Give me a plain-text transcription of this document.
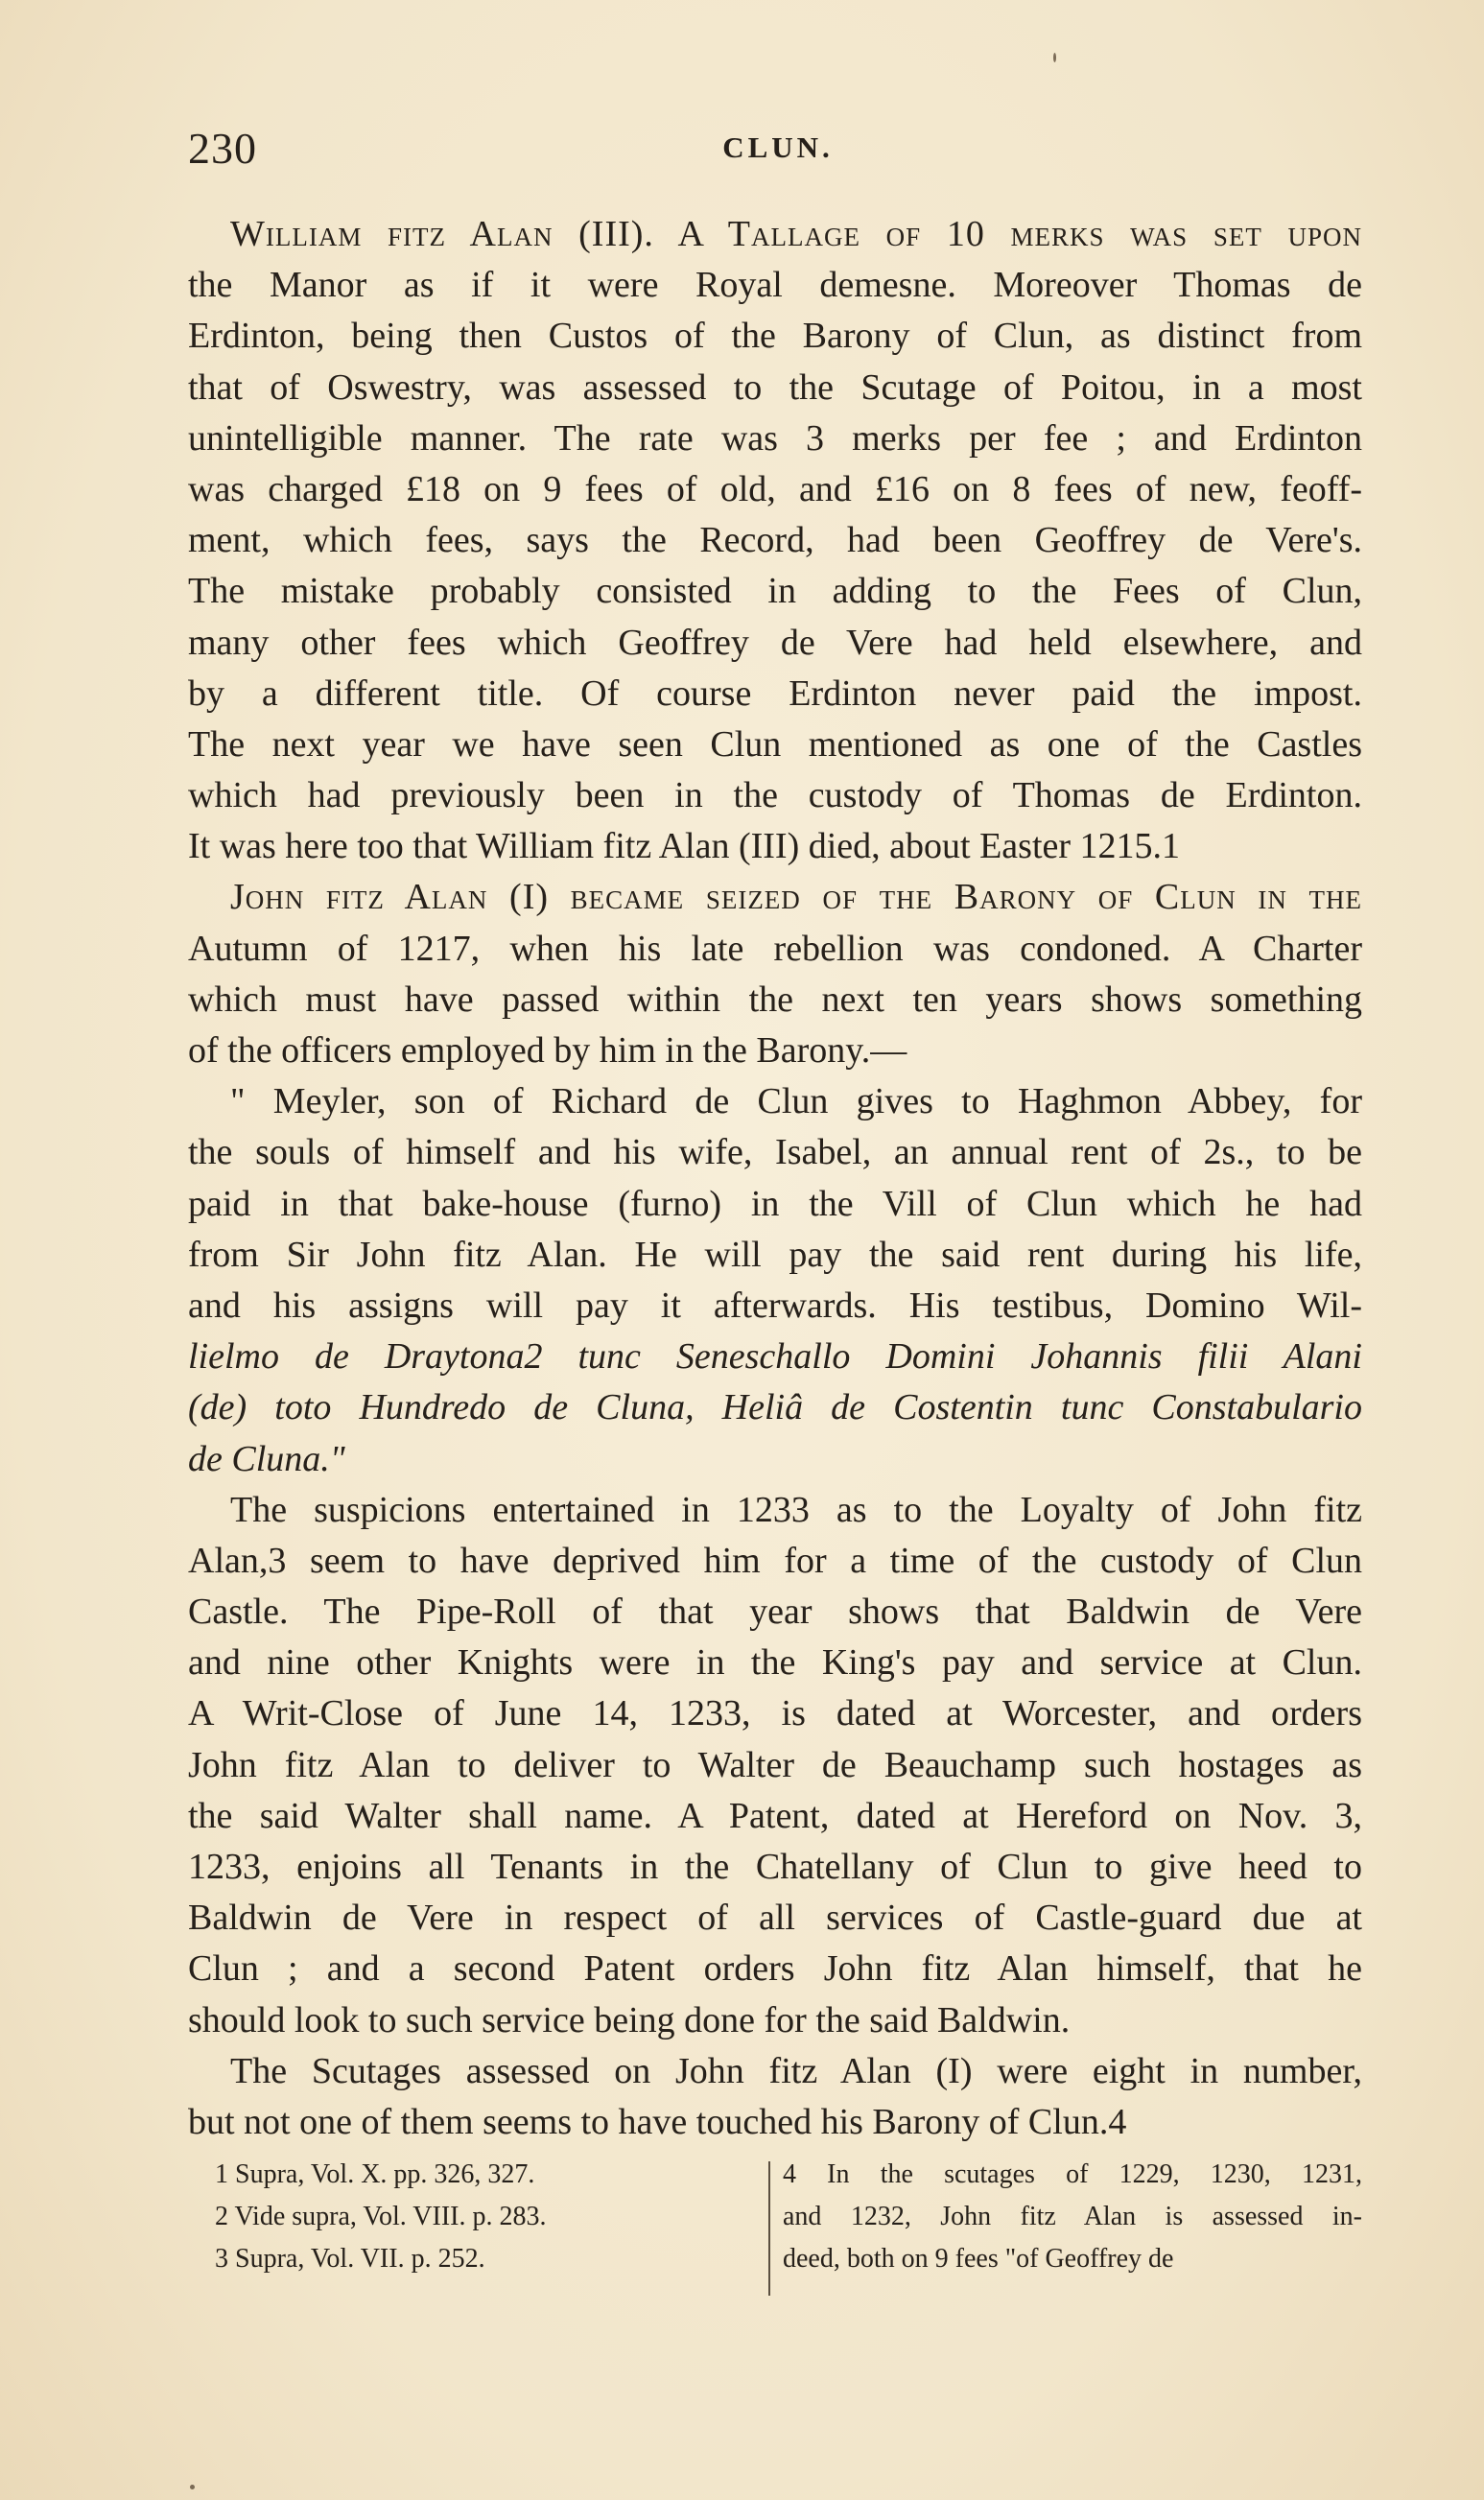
230	CLUN.
William fitz Alan (III). A Tallage of 10 merks was set upon
the Manor as if it were Royal demesne. Moreover Thomas de
Erdinton, being then Custos of the Barony of Clun, as distinct from
that of Oswestry, was assessed to the Scutage of Poitou, in a most
unintelligible manner. The rate was 3 merks per fee ; and Erdinton
was charged £18 on 9 fees of old, and £16 on 8 fees of new, feoff-
ment, which fees, says the Record, had been Geoffrey de Vere's.
The mistake probably consisted in adding to the Fees of Clun,
many other fees which Geoffrey de Vere had held elsewhere, and
by a different title. Of course Erdinton never paid the impost.
The next year we have seen Clun mentioned as one of the Castles
which had previously been in the custody of Thomas de Erdinton.
It was here too that William fitz Alan (III) died, about Easter 1215.1
John fitz Alan (I) became seized of the Barony of Clun in the
Autumn of 1217, when his late rebellion was condoned. A Charter
which must have passed within the next ten years shows something
of the officers employed by him in the Barony.—
" Meyler, son of Richard de Clun gives to Haghmon Abbey, for
the souls of himself and his wife, Isabel, an annual rent of 2s., to be
paid in that bake-house (furno) in the Vill of Clun which he had
from Sir John fitz Alan. He will pay the said rent during his life,
and his assigns will pay it afterwards. His testibus, Domino Wil-
lielmo de Draytona2 tunc Seneschallo Domini Johannis filii Alani
(de) toto Hundredo de Cluna, Heliâ de Costentin tunc Constabulario
de Cluna."
The suspicions entertained in 1233 as to the Loyalty of John fitz
Alan,3 seem to have deprived him for a time of the custody of Clun
Castle. The Pipe-Roll of that year shows that Baldwin de Vere
and nine other Knights were in the King's pay and service at Clun.
A Writ-Close of June 14, 1233, is dated at Worcester, and orders
John fitz Alan to deliver to Walter de Beauchamp such hostages as
the said Walter shall name. A Patent, dated at Hereford on Nov. 3,
1233, enjoins all Tenants in the Chatellany of Clun to give heed to
Baldwin de Vere in respect of all services of Castle-guard due at
Clun ; and a second Patent orders John fitz Alan himself, that he
should look to such service being done for the said Baldwin.
The Scutages assessed on John fitz Alan (I) were eight in number,
but not one of them seems to have touched his Barony of Clun.4
1 Supra, Vol. X. pp. 326, 327.
2 Vide supra, Vol. VIII. p. 283.
3 Supra, Vol. VII. p. 252.
4 In the scutages of 1229, 1230, 1231,
and 1232, John fitz Alan is assessed in-
deed, both on 9 fees "of Geoffrey de
